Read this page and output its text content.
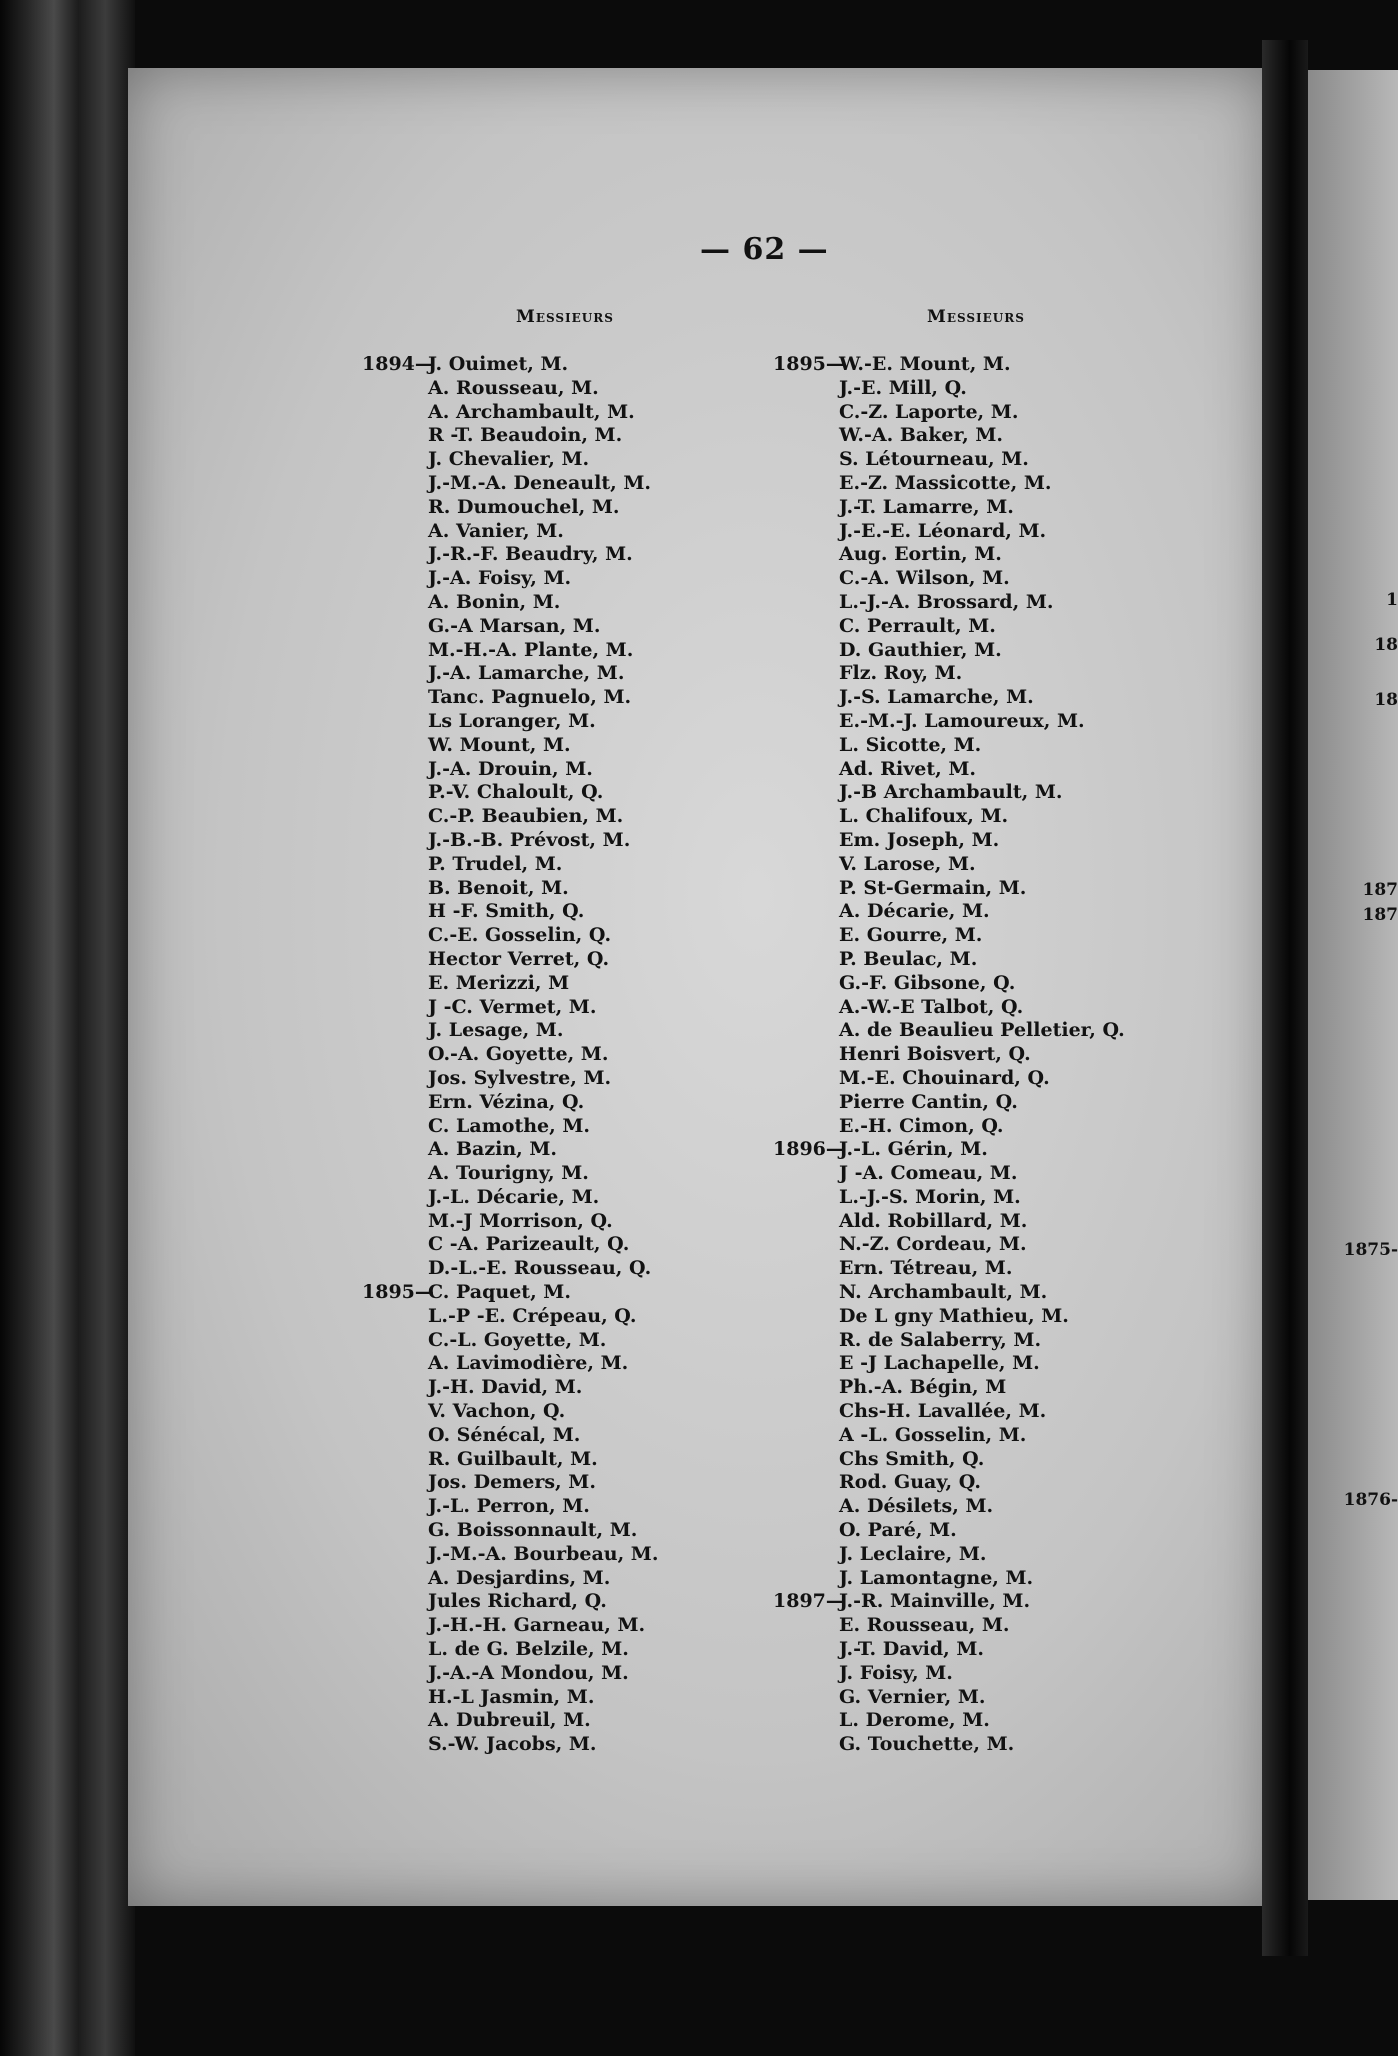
1
18
18
187
187
1875-
1876-
— 62 —
Messieurs	Messieurs
1894—
J. Ouimet, M.
A. Rousseau, M.
A. Archambault, M.
R -T. Beaudoin, M.
J. Chevalier, M.
J.-M.-A. Deneault, M.
R. Dumouchel, M.
A. Vanier, M.
J.-R.-F. Beaudry, M.
J.-A. Foisy, M.
A. Bonin, M.
G.-A Marsan, M.
M.-H.-A. Plante, M.
J.-A. Lamarche, M.
Tanc. Pagnuelo, M.
Ls Loranger, M.
W. Mount, M.
J.-A. Drouin, M.
P.-V. Chaloult, Q.
C.-P. Beaubien, M.
J.-B.-B. Prévost, M.
P. Trudel, M.
B. Benoit, M.
H -F. Smith, Q.
C.-E. Gosselin, Q.
Hector Verret, Q.
E. Merizzi, M
J -C. Vermet, M.
J. Lesage, M.
O.-A. Goyette, M.
Jos. Sylvestre, M.
Ern. Vézina, Q.
C. Lamothe, M.
A. Bazin, M.
A. Tourigny, M.
J.-L. Décarie, M.
M.-J Morrison, Q.
C -A. Parizeault, Q.
D.-L.-E. Rousseau, Q.
1895—
C. Paquet, M.
L.-P -E. Crépeau, Q.
C.-L. Goyette, M.
A. Lavimodière, M.
J.-H. David, M.
V. Vachon, Q.
O. Sénécal, M.
R. Guilbault, M.
Jos. Demers, M.
J.-L. Perron, M.
G. Boissonnault, M.
J.-M.-A. Bourbeau, M.
A. Desjardins, M.
Jules Richard, Q.
J.-H.-H. Garneau, M.
L. de G. Belzile, M.
J.-A.-A Mondou, M.
H.-L Jasmin, M.
A. Dubreuil, M.
S.-W. Jacobs, M.
1895—
W.-E. Mount, M.
J.-E. Mill, Q.
C.-Z. Laporte, M.
W.-A. Baker, M.
S. Létourneau, M.
E.-Z. Massicotte, M.
J.-T. Lamarre, M.
J.-E.-E. Léonard, M.
Aug. Eortin, M.
C.-A. Wilson, M.
L.-J.-A. Brossard, M.
C. Perrault, M.
D. Gauthier, M.
Flz. Roy, M.
J.-S. Lamarche, M.
E.-M.-J. Lamoureux, M.
L. Sicotte, M.
Ad. Rivet, M.
J.-B Archambault, M.
L. Chalifoux, M.
Em. Joseph, M.
V. Larose, M.
P. St-Germain, M.
A. Décarie, M.
E. Gourre, M.
P. Beulac, M.
G.-F. Gibsone, Q.
A.-W.-E Talbot, Q.
A. de Beaulieu Pelletier, Q.
Henri Boisvert, Q.
M.-E. Chouinard, Q.
Pierre Cantin, Q.
E.-H. Cimon, Q.
1896—
J.-L. Gérin, M.
J -A. Comeau, M.
L.-J.-S. Morin, M.
Ald. Robillard, M.
N.-Z. Cordeau, M.
Ern. Tétreau, M.
N. Archambault, M.
De L gny Mathieu, M.
R. de Salaberry, M.
E -J Lachapelle, M.
Ph.-A. Bégin, M
Chs-H. Lavallée, M.
A -L. Gosselin, M.
Chs Smith, Q.
Rod. Guay, Q.
A. Désilets, M.
O. Paré, M.
J. Leclaire, M.
J. Lamontagne, M.
1897—
J.-R. Mainville, M.
E. Rousseau, M.
J.-T. David, M.
J. Foisy, M.
G. Vernier, M.
L. Derome, M.
G. Touchette, M.
